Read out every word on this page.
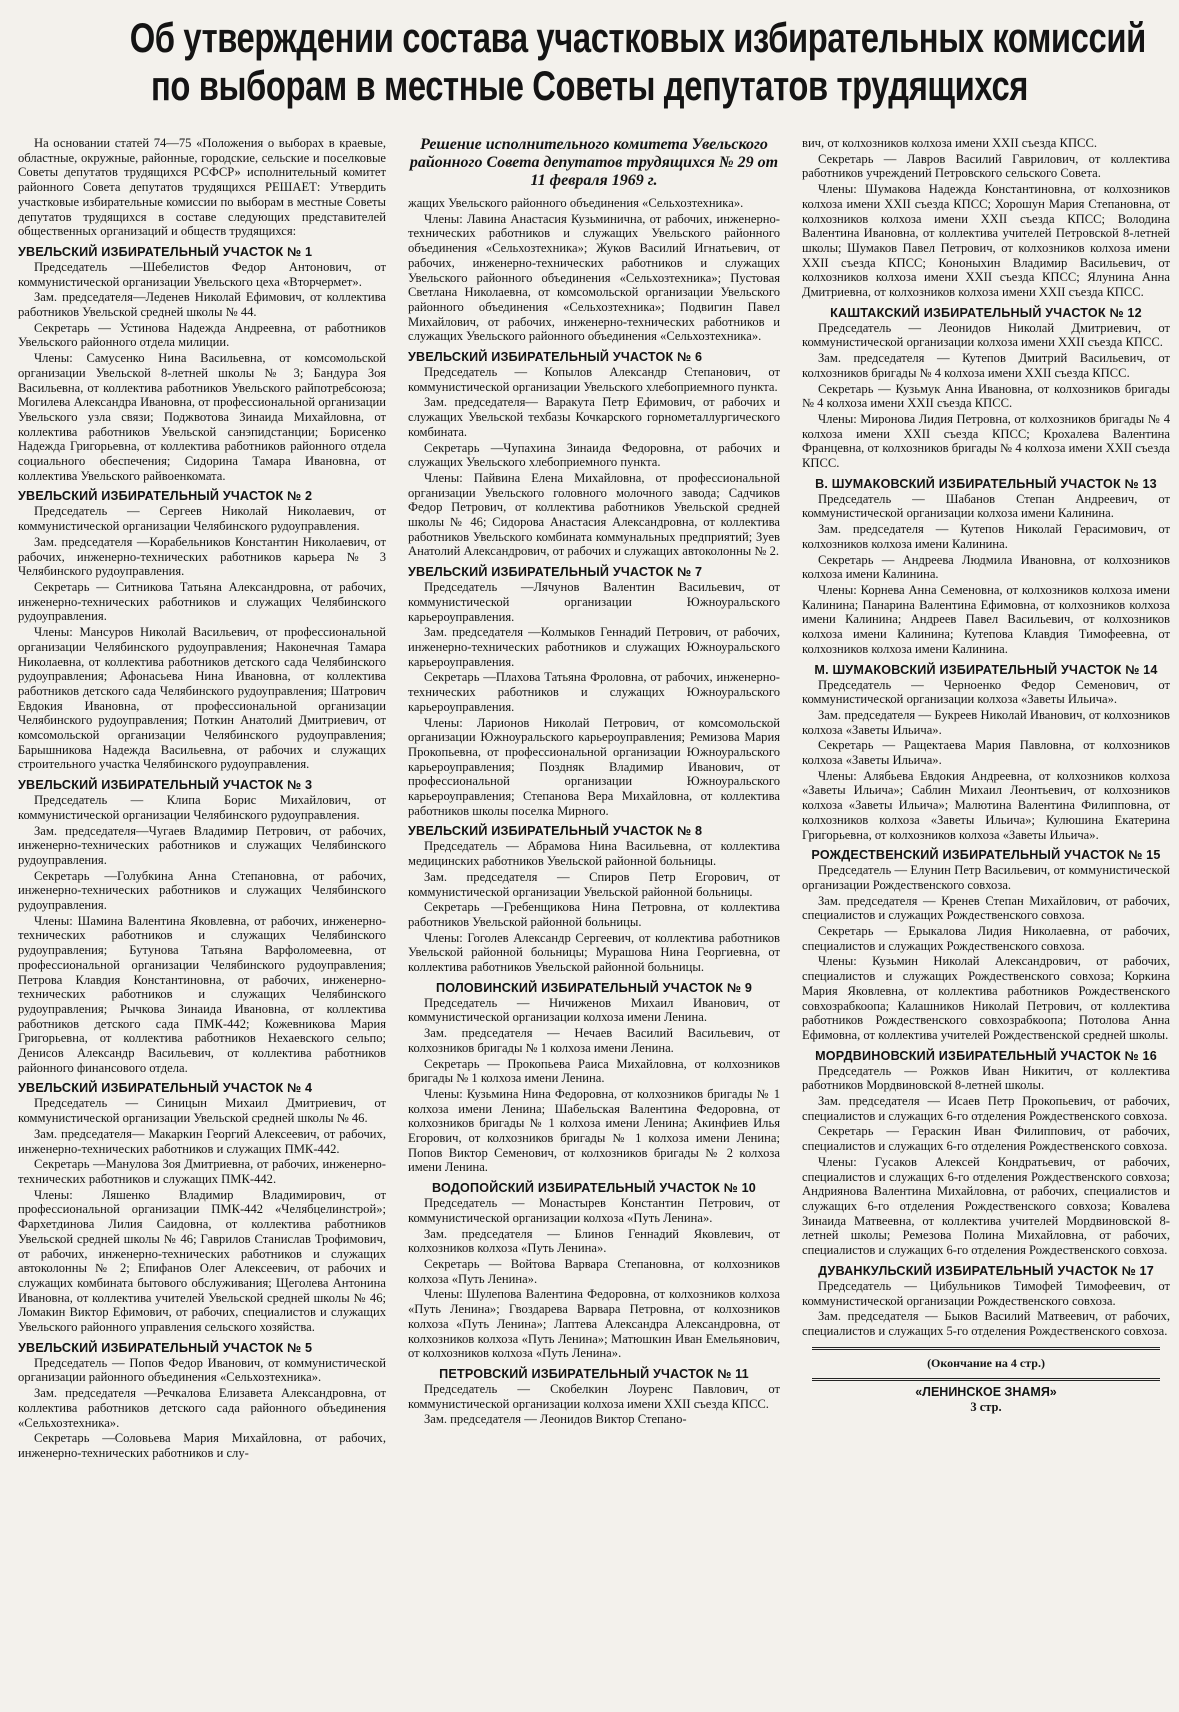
Об утверждении состава участковых избирательных комиссий
по выборам в местные Советы депутатов трудящихся

На основании статей 74—75 «Положения о выборах в краевые, областные, окружные, районные, городские, сельские и поселковые Советы депутатов трудящихся РСФСР» исполнительный комитет районного Совета депутатов трудящихся РЕШАЕТ: Утвердить участковые избирательные комиссии по выборам в местные Советы депутатов трудящихся в составе следующих представителей общественных организаций и обществ трудящихся:

УВЕЛЬСКИЙ ИЗБИРАТЕЛЬНЫЙ УЧАСТОК № 1

Председатель —Шебелистов Федор Антонович, от коммунистической организации Увельского цеха «Вторчермет».

Зам. председателя—Леденев Николай Ефимович, от коллектива работников Увельской средней школы № 44.

Секретарь — Устинова Надежда Андреевна, от работников Увельского районного отдела милиции.

Члены: Самусенко Нина Васильевна, от комсомольской организации Увельской 8-летней школы № 3; Бандура Зоя Васильевна, от коллектива работников Увельского райпотребсоюза; Могилева Александра Ивановна, от профессиональной организации Увельского узла связи; Поджвотова Зинаида Михайловна, от коллектива работников Увельской санэпидстанции; Борисенко Надежда Григорьевна, от коллектива работников районного отдела социального обеспечения; Сидорина Тамара Ивановна, от коллектива Увельского райвоенкомата.

УВЕЛЬСКИЙ ИЗБИРАТЕЛЬНЫЙ УЧАСТОК № 2

Председатель — Сергеев Николай Николаевич, от коммунистической организации Челябинского рудоуправления.

Зам. председателя —Корабельников Константин Николаевич, от рабочих, инженерно-технических работников карьера № 3 Челябинского рудоуправления.

Секретарь — Ситникова Татьяна Александровна, от рабочих, инженерно-технических работников и служащих Челябинского рудоуправления.

Члены: Мансуров Николай Васильевич, от профессиональной организации Челябинского рудоуправления; Наконечная Тамара Николаевна, от коллектива работников детского сада Челябинского рудоуправления; Афонасьева Нина Ивановна, от коллектива работников детского сада Челябинского рудоуправления; Шатрович Евдокия Ивановна, от профессиональной организации Челябинского рудоуправления; Поткин Анатолий Дмитриевич, от комсомольской организации Челябинского рудоуправления; Барышникова Надежда Васильевна, от рабочих и служащих строительного участка Челябинского рудоуправления.

УВЕЛЬСКИЙ ИЗБИРАТЕЛЬНЫЙ УЧАСТОК № 3

Председатель — Клипа Борис Михайлович, от коммунистической организации Челябинского рудоуправления.

Зам. председателя—Чугаев Владимир Петрович, от рабочих, инженерно-технических работников и служащих Челябинского рудоуправления.

Секретарь —Голубкина Анна Степановна, от рабочих, инженерно-технических работников и служащих Челябинского рудоуправления.

Члены: Шамина Валентина Яковлевна, от рабочих, инженерно-технических работников и служащих Челябинского рудоуправления; Бутунова Татьяна Варфоломеевна, от профессиональной организации Челябинского рудоуправления; Петрова Клавдия Константиновна, от рабочих, инженерно-технических работников и служащих Челябинского рудоуправления; Рычкова Зинаида Ивановна, от коллектива работников детского сада ПМК-442; Кожевникова Мария Григорьевна, от коллектива работников Нехаевского сельпо; Денисов Александр Васильевич, от коллектива работников районного финансового отдела.

УВЕЛЬСКИЙ ИЗБИРАТЕЛЬНЫЙ УЧАСТОК № 4

Председатель — Синицын Михаил Дмитриевич, от коммунистической организации Увельской средней школы № 46.

Зам. председателя— Макаркин Георгий Алексеевич, от рабочих, инженерно-технических работников и служащих ПМК-442.

Секретарь —Манулова Зоя Дмитриевна, от рабочих, инженерно-технических работников и служащих ПМК-442.

Члены: Ляшенко Владимир Владимирович, от профессиональной организации ПМК-442 «Челябцелинстрой»; Фархетдинова Лилия Саидовна, от коллектива работников Увельской средней школы № 46; Гаврилов Станислав Трофимович, от рабочих, инженерно-технических работников и служащих автоколонны № 2; Епифанов Олег Алексеевич, от рабочих и служащих комбината бытового обслуживания; Щеголева Антонина Ивановна, от коллектива учителей Увельской средней школы № 46; Ломакин Виктор Ефимович, от рабочих, специалистов и служащих Увельского районного управления сельского хозяйства.

УВЕЛЬСКИЙ ИЗБИРАТЕЛЬНЫЙ УЧАСТОК № 5

Председатель — Попов Федор Иванович, от коммунистической организации районного объединения «Сельхозтехника».

Зам. председателя —Речкалова Елизавета Александровна, от коллектива работников детского сада районного объединения «Сельхозтехника».

Секретарь —Соловьева Мария Михайловна, от рабочих, инженерно-технических работников и слу-

Решение исполнительного комитета Увельского районного Совета депутатов трудящихся № 29 от 11 февраля 1969 г.

жащих Увельского районного объединения «Сельхозтехника».

Члены: Лавина Анастасия Кузьминична, от рабочих, инженерно-технических работников и служащих Увельского районного объединения «Сельхозтехника»; Жуков Василий Игнатьевич, от рабочих, инженерно-технических работников и служащих Увельского районного объединения «Сельхозтехника»; Пустовая Светлана Николаевна, от комсомольской организации Увельского районного объединения «Сельхозтехника»; Подвигин Павел Михайлович, от рабочих, инженерно-технических работников и служащих Увельского районного объединения «Сельхозтехника».

УВЕЛЬСКИЙ ИЗБИРАТЕЛЬНЫЙ УЧАСТОК № 6

Председатель — Копылов Александр Степанович, от коммунистической организации Увельского хлебоприемного пункта.

Зам. председателя— Варакута Петр Ефимович, от рабочих и служащих Увельской техбазы Кочкарского горнометаллургического комбината.

Секретарь —Чупахина Зинаида Федоровна, от рабочих и служащих Увельского хлебоприемного пункта.

Члены: Пайвина Елена Михайловна, от профессиональной организации Увельского головного молочного завода; Садчиков Федор Петрович, от коллектива работников Увельской средней школы № 46; Сидорова Анастасия Александровна, от коллектива работников Увельского комбината коммунальных предприятий; Зуев Анатолий Александрович, от рабочих и служащих автоколонны № 2.

УВЕЛЬСКИЙ ИЗБИРАТЕЛЬНЫЙ УЧАСТОК № 7

Председатель —Лячунов Валентин Васильевич, от коммунистической организации Южноуральского карьероуправления.

Зам. председателя —Колмыков Геннадий Петрович, от рабочих, инженерно-технических работников и служащих Южноуральского карьероуправления.

Секретарь —Плахова Татьяна Фроловна, от рабочих, инженерно-технических работников и служащих Южноуральского карьероуправления.

Члены: Ларионов Николай Петрович, от комсомольской организации Южноуральского карьероуправления; Ремизова Мария Прокопьевна, от профессиональной организации Южноуральского карьероуправления; Поздняк Владимир Иванович, от профессиональной организации Южноуральского карьероуправления; Степанова Вера Михайловна, от коллектива работников школы поселка Мирного.

УВЕЛЬСКИЙ ИЗБИРАТЕЛЬНЫЙ УЧАСТОК № 8

Председатель — Абрамова Нина Васильевна, от коллектива медицинских работников Увельской районной больницы.

Зам. председателя — Спиров Петр Егорович, от коммунистической организации Увельской районной больницы.

Секретарь —Гребенщикова Нина Петровна, от коллектива работников Увельской районной больницы.

Члены: Гоголев Александр Сергеевич, от коллектива работников Увельской районной больницы; Мурашова Нина Георгиевна, от коллектива работников Увельской районной больницы.

ПОЛОВИНСКИЙ ИЗБИРАТЕЛЬНЫЙ УЧАСТОК № 9

Председатель — Ничиженов Михаил Иванович, от коммунистической организации колхоза имени Ленина.

Зам. председателя — Нечаев Василий Васильевич, от колхозников бригады № 1 колхоза имени Ленина.

Секретарь — Прокопьева Раиса Михайловна, от колхозников бригады № 1 колхоза имени Ленина.

Члены: Кузьмина Нина Федоровна, от колхозников бригады № 1 колхоза имени Ленина; Шабельская Валентина Федоровна, от колхозников бригады № 1 колхоза имени Ленина; Акинфиев Илья Егорович, от колхозников бригады № 1 колхоза имени Ленина; Попов Виктор Семенович, от колхозников бригады № 2 колхоза имени Ленина.

ВОДОПОЙСКИЙ ИЗБИРАТЕЛЬНЫЙ УЧАСТОК № 10

Председатель — Монастырев Константин Петрович, от коммунистической организации колхоза «Путь Ленина».

Зам. председателя — Блинов Геннадий Яковлевич, от колхозников колхоза «Путь Ленина».

Секретарь — Войтова Варвара Степановна, от колхозников колхоза «Путь Ленина».

Члены: Шулепова Валентина Федоровна, от колхозников колхоза «Путь Ленина»; Гвоздарева Варвара Петровна, от колхозников колхоза «Путь Ленина»; Лаптева Александра Александровна, от колхозников колхоза «Путь Ленина»; Матюшкин Иван Емельянович, от колхозников колхоза «Путь Ленина».

ПЕТРОВСКИЙ ИЗБИРАТЕЛЬНЫЙ УЧАСТОК № 11

Председатель — Скобелкин Лоуренс Павлович, от коммунистической организации колхоза имени XXII съезда КПСС.

Зам. председателя — Леонидов Виктор Степано-

вич, от колхозников колхоза имени XXII съезда КПСС.

Секретарь — Лавров Василий Гаврилович, от коллектива работников учреждений Петровского сельского Совета.

Члены: Шумакова Надежда Константиновна, от колхозников колхоза имени XXII съезда КПСС; Хорошун Мария Степановна, от колхозников колхоза имени XXII съезда КПСС; Володина Валентина Ивановна, от коллектива учителей Петровской 8-летней школы; Шумаков Павел Петрович, от колхозников колхоза имени XXII съезда КПСС; Кононыхин Владимир Васильевич, от колхозников колхоза имени XXII съезда КПСС; Ялунина Анна Дмитриевна, от колхозников колхоза имени XXII съезда КПСС.

КАШТАКСКИЙ ИЗБИРАТЕЛЬНЫЙ УЧАСТОК № 12

Председатель — Леонидов Николай Дмитриевич, от коммунистической организации колхоза имени XXII съезда КПСС.

Зам. председателя — Кутепов Дмитрий Васильевич, от колхозников бригады № 4 колхоза имени XXII съезда КПСС.

Секретарь — Кузьмук Анна Ивановна, от колхозников бригады № 4 колхоза имени XXII съезда КПСС.

Члены: Миронова Лидия Петровна, от колхозников бригады № 4 колхоза имени XXII съезда КПСС; Крохалева Валентина Францевна, от колхозников бригады № 4 колхоза имени XXII съезда КПСС.

В. ШУМАКОВСКИЙ ИЗБИРАТЕЛЬНЫЙ УЧАСТОК № 13

Председатель — Шабанов Степан Андреевич, от коммунистической организации колхоза имени Калинина.

Зам. председателя — Кутепов Николай Герасимович, от колхозников колхоза имени Калинина.

Секретарь — Андреева Людмила Ивановна, от колхозников колхоза имени Калинина.

Члены: Корнева Анна Семеновна, от колхозников колхоза имени Калинина; Панарина Валентина Ефимовна, от колхозников колхоза имени Калинина; Андреев Павел Васильевич, от колхозников колхоза имени Калинина; Кутепова Клавдия Тимофеевна, от колхозников колхоза имени Калинина.

М. ШУМАКОВСКИЙ ИЗБИРАТЕЛЬНЫЙ УЧАСТОК № 14

Председатель — Черноенко Федор Семенович, от коммунистической организации колхоза «Заветы Ильича».

Зам. председателя — Букреев Николай Иванович, от колхозников колхоза «Заветы Ильича».

Секретарь — Ращектаева Мария Павловна, от колхозников колхоза «Заветы Ильича».

Члены: Алябьева Евдокия Андреевна, от колхозников колхоза «Заветы Ильича»; Саблин Михаил Леонтьевич, от колхозников колхоза «Заветы Ильича»; Малютина Валентина Филипповна, от колхозников колхоза «Заветы Ильича»; Кулюшина Екатерина Григорьевна, от колхозников колхоза «Заветы Ильича».

РОЖДЕСТВЕНСКИЙ ИЗБИРАТЕЛЬНЫЙ УЧАСТОК № 15

Председатель — Елунин Петр Васильевич, от коммунистической организации Рождественского совхоза.

Зам. председателя — Кренев Степан Михайлович, от рабочих, специалистов и служащих Рождественского совхоза.

Секретарь — Ерыкалова Лидия Николаевна, от рабочих, специалистов и служащих Рождественского совхоза.

Члены: Кузьмин Николай Александрович, от рабочих, специалистов и служащих Рождественского совхоза; Коркина Мария Яковлевна, от коллектива работников Рождественского совхозрабкоопа; Калашников Николай Петрович, от коллектива работников Рождественского совхозрабкоопа; Потолова Анна Ефимовна, от коллектива учителей Рождественской средней школы.

МОРДВИНОВСКИЙ ИЗБИРАТЕЛЬНЫЙ УЧАСТОК № 16

Председатель — Рожков Иван Никитич, от коллектива работников Мордвиновской 8-летней школы.

Зам. председателя — Исаев Петр Прокопьевич, от рабочих, специалистов и служащих 6-го отделения Рождественского совхоза.

Секретарь — Гераскин Иван Филиппович, от рабочих, специалистов и служащих 6-го отделения Рождественского совхоза.

Члены: Гусаков Алексей Кондратьевич, от рабочих, специалистов и служащих 6-го отделения Рождественского совхоза; Андриянова Валентина Михайловна, от рабочих, специалистов и служащих 6-го отделения Рождественского совхоза; Ковалева Зинаида Матвеевна, от коллектива учителей Мордвиновской 8-летней школы; Ремезова Полина Михайловна, от рабочих, специалистов и служащих 6-го отделения Рождественского совхоза.

ДУВАНКУЛЬСКИЙ ИЗБИРАТЕЛЬНЫЙ УЧАСТОК № 17

Председатель — Цибульников Тимофей Тимофеевич, от коммунистической организации Рождественского совхоза.

Зам. председателя — Быков Василий Матвеевич, от рабочих, специалистов и служащих 5-го отделения Рождественского совхоза.

(Окончание на 4 стр.)
«ЛЕНИНСКОЕ ЗНАМЯ»
3 стр.
